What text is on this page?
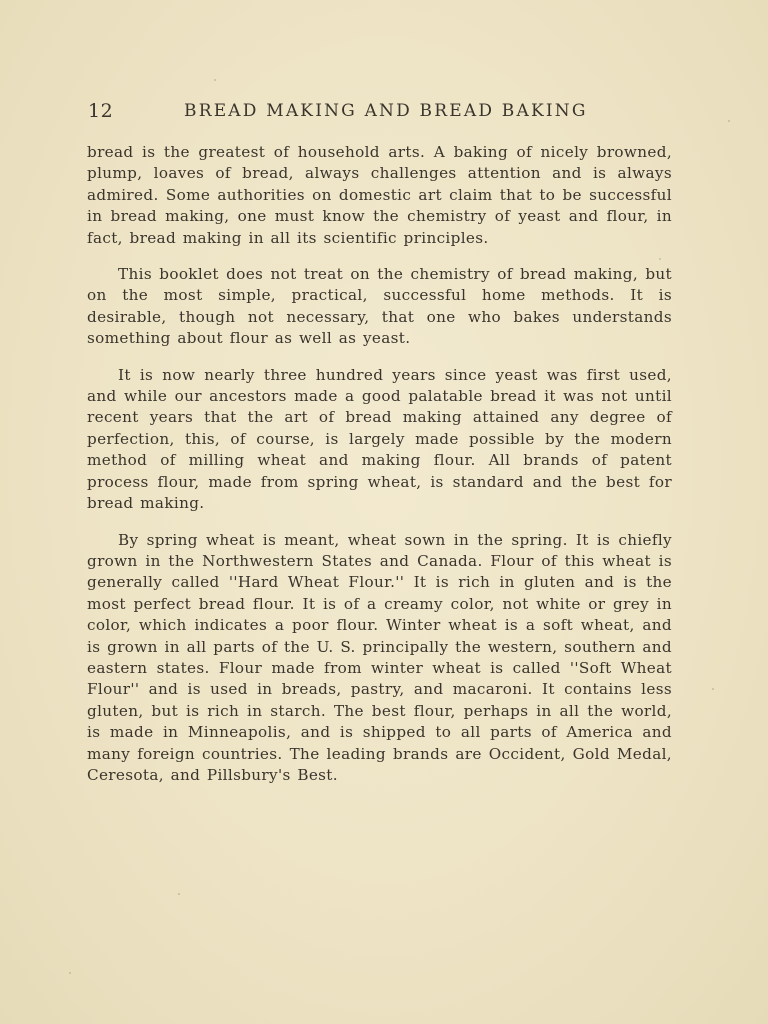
12	BREAD MAKING AND BREAD BAKING

bread is the greatest of household arts. A baking of nicely browned, plump, loaves of bread, always challenges attention and is always admired. Some authorities on domestic art claim that to be successful in bread making, one must know the chemistry of yeast and flour, in fact, bread making in all its scientific principles.

This booklet does not treat on the chemistry of bread making, but on the most simple, practical, successful home methods. It is desirable, though not necessary, that one who bakes understands something about flour as well as yeast.

It is now nearly three hundred years since yeast was first used, and while our ancestors made a good palatable bread it was not until recent years that the art of bread making attained any degree of perfection, this, of course, is largely made possible by the modern method of milling wheat and making flour. All brands of patent process flour, made from spring wheat, is standard and the best for bread making.

By spring wheat is meant, wheat sown in the spring. It is chiefly grown in the Northwestern States and Canada. Flour of this wheat is generally called ''Hard Wheat Flour.'' It is rich in gluten and is the most perfect bread flour. It is of a creamy color, not white or grey in color, which indicates a poor flour. Winter wheat is a soft wheat, and is grown in all parts of the U. S. principally the western, southern and eastern states. Flour made from winter wheat is called ''Soft Wheat Flour'' and is used in breads, pastry, and macaroni. It contains less gluten, but is rich in starch. The best flour, perhaps in all the world, is made in Minneapolis, and is shipped to all parts of America and many foreign countries. The leading brands are Occident, Gold Medal, Ceresota, and Pillsbury's Best.
